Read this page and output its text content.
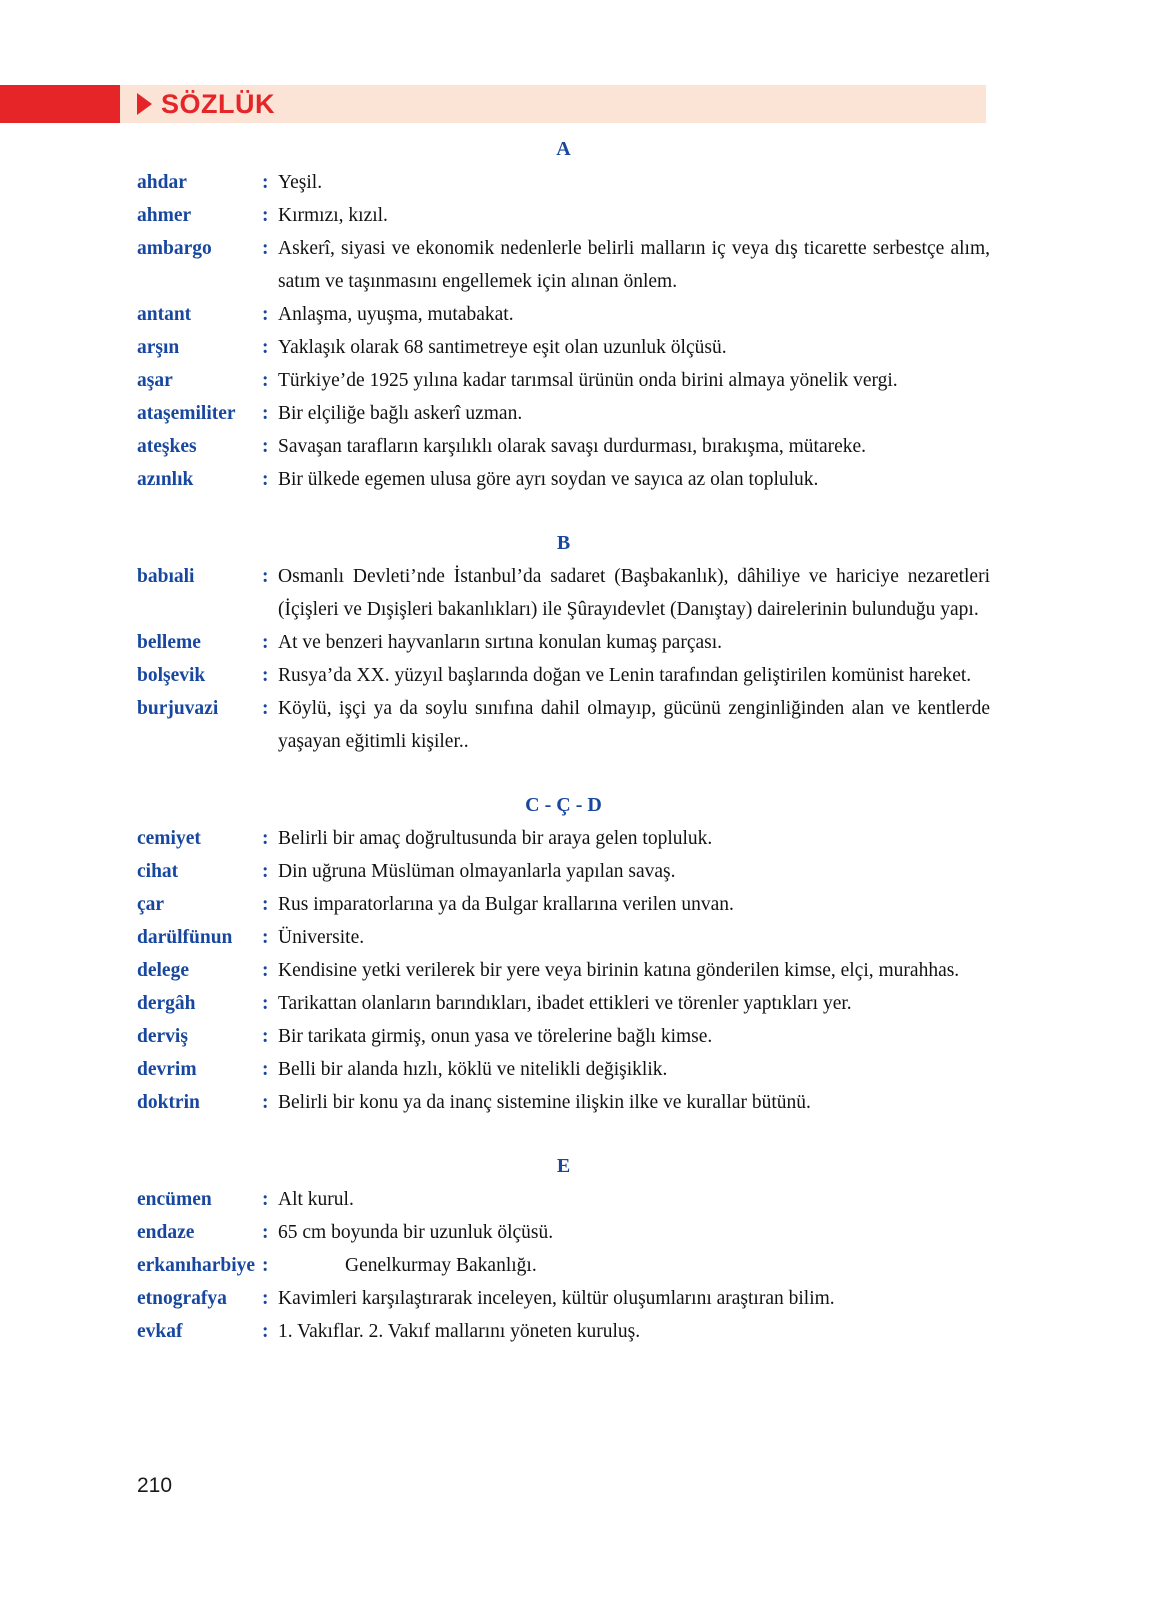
SÖZLÜK
A
ahdar	: Yeşil.
ahmer	: Kırmızı, kızıl.
ambargo	: Askerî, siyasi ve ekonomik nedenlerle belirli malların iç veya dış ticarette serbestçe alım, satım ve taşınmasını engellemek için alınan önlem.
antant	: Anlaşma, uyuşma, mutabakat.
arşın	: Yaklaşık olarak 68 santimetreye eşit olan uzunluk ölçüsü.
aşar	: Türkiye’de 1925 yılına kadar tarımsal ürünün onda birini almaya yönelik vergi.
ataşemiliter	: Bir elçiliğe bağlı askerî uzman.
ateşkes	: Savaşan tarafların karşılıklı olarak savaşı durdurması, bırakışma, mütareke.
azınlık	: Bir ülkede egemen ulusa göre ayrı soydan ve sayıca az olan topluluk.
B
babıali	: Osmanlı Devleti’nde İstanbul’da sadaret (Başbakanlık), dâhiliye ve hariciye nezaretleri (İçişleri ve Dışişleri bakanlıkları) ile Şûrayıdevlet (Danıştay) dairelerinin bulunduğu yapı.
belleme	: At ve benzeri hayvanların sırtına konulan kumaş parçası.
bolşevik	: Rusya’da XX. yüzyıl başlarında doğan ve Lenin tarafından geliştirilen komünist hareket.
burjuvazi	: Köylü, işçi ya da soylu sınıfına dahil olmayıp, gücünü zenginliğinden alan ve kentlerde yaşayan eğitimli kişiler..
C - Ç - D
cemiyet	: Belirli bir amaç doğrultusunda bir araya gelen topluluk.
cihat	: Din uğruna Müslüman olmayanlarla yapılan savaş.
çar	: Rus imparatorlarına ya da Bulgar krallarına verilen unvan.
darülfünun	: Üniversite.
delege	: Kendisine yetki verilerek bir yere veya birinin katına gönderilen kimse, elçi, murahhas.
dergâh	: Tarikattan olanların barındıkları, ibadet ettikleri ve törenler yaptıkları yer.
derviş	: Bir tarikata girmiş, onun yasa ve törelerine bağlı kimse.
devrim	: Belli bir alanda hızlı, köklü ve nitelikli değişiklik.
doktrin	: Belirli bir konu ya da inanç sistemine ilişkin ilke ve kurallar bütünü.
E
encümen	: Alt kurul.
endaze	: 65 cm boyunda bir uzunluk ölçüsü.
erkanıharbiye :	Genelkurmay Bakanlığı.
etnografya	: Kavimleri karşılaştırarak inceleyen, kültür oluşumlarını araştıran bilim.
evkaf	: 1. Vakıflar. 2. Vakıf mallarını yöneten kuruluş.
210
